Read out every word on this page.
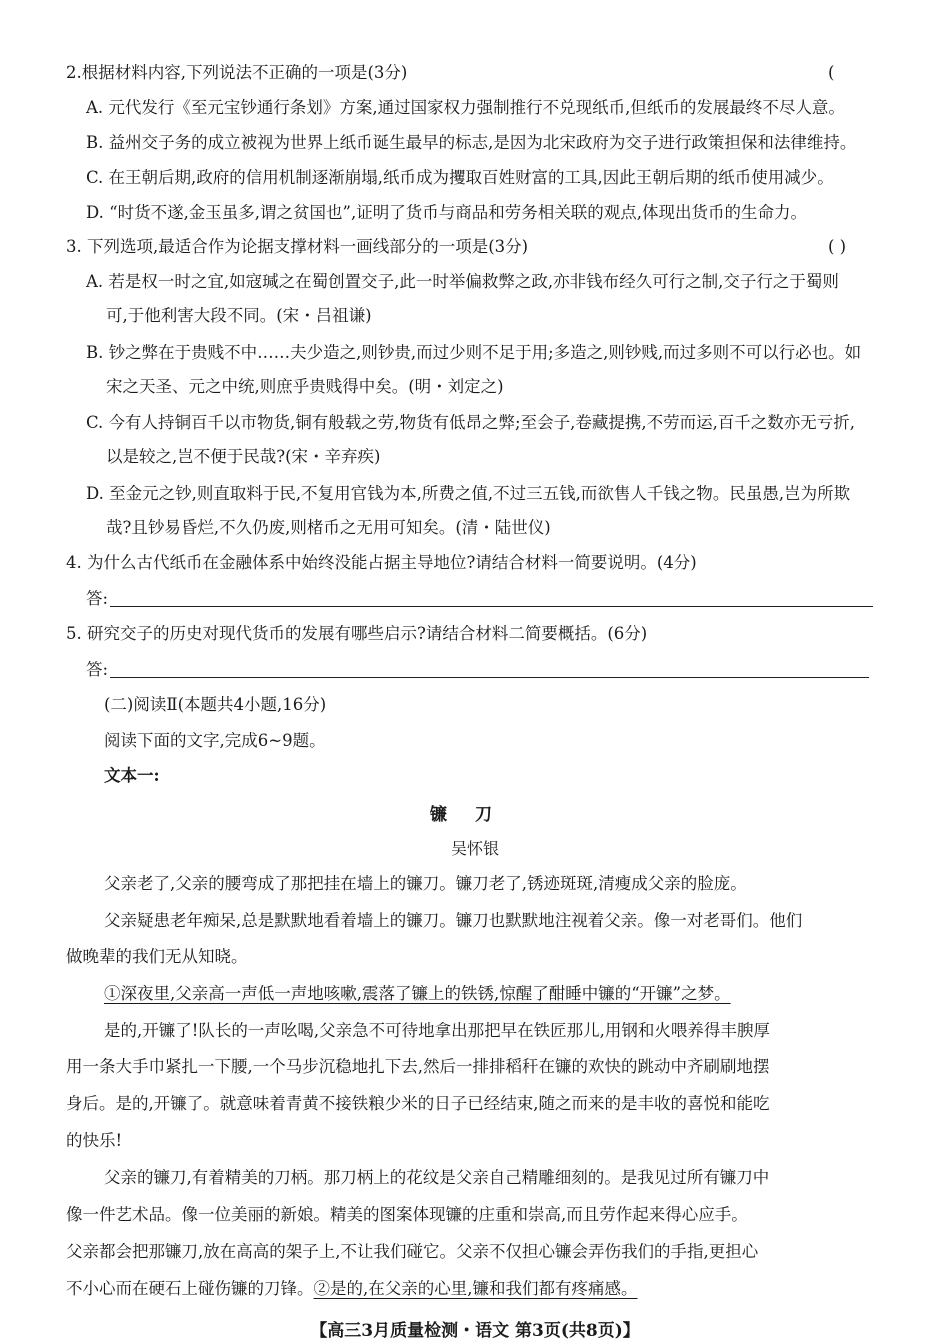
2.根据材料内容,下列说法不正确的一项是(3分)	(
A. 元代发行《至元宝钞通行条划》方案,通过国家权力强制推行不兑现纸币,但纸币的发展最终不尽人意。
B. 益州交子务的成立被视为世界上纸币诞生最早的标志,是因为北宋政府为交子进行政策担保和法律维持。
C. 在王朝后期,政府的信用机制逐渐崩塌,纸币成为攫取百姓财富的工具,因此王朝后期的纸币使用减少。
D. “时货不遂,金玉虽多,谓之贫国也”,证明了货币与商品和劳务相关联的观点,体现出货币的生命力。
3. 下列选项,最适合作为论据支撑材料一画线部分的一项是(3分)	( )
A. 若是权一时之宜,如寇瑊之在蜀创置交子,此一时举偏救弊之政,亦非钱布经久可行之制,交子行之于蜀则
可,于他利害大段不同。(宋・吕祖谦)
B. 钞之弊在于贵贱不中……夫少造之,则钞贵,而过少则不足于用;多造之,则钞贱,而过多则不可以行必也。如
宋之天圣、元之中统,则庶乎贵贱得中矣。(明・刘定之)
C. 今有人持铜百千以市物货,铜有般载之劳,物货有低昂之弊;至会子,卷藏提携,不劳而运,百千之数亦无亏折,
以是较之,岂不便于民哉?(宋・辛弃疾)
D. 至金元之钞,则直取料于民,不复用官钱为本,所费之值,不过三五钱,而欲售人千钱之物。民虽愚,岂为所欺
哉?且钞易昏烂,不久仍废,则楮币之无用可知矣。(清・陆世仪)
4. 为什么古代纸币在金融体系中始终没能占据主导地位?请结合材料一简要说明。(4分)
答:
5. 研究交子的历史对现代货币的发展有哪些启示?请结合材料二简要概括。(6分)
答:
(二)阅读Ⅱ(本题共4小题,16分)
阅读下面的文字,完成6~9题。
文本一:
镰刀
吴怀银
父亲老了,父亲的腰弯成了那把挂在墙上的镰刀。镰刀老了,锈迹斑斑,清瘦成父亲的脸庞。
父亲疑患老年痴呆,总是默默地看着墙上的镰刀。镰刀也默默地注视着父亲。像一对老哥们。他们
做晚辈的我们无从知晓。
①深夜里,父亲高一声低一声地咳嗽,震落了镰上的铁锈,惊醒了酣睡中镰的“开镰”之梦。
是的,开镰了!队长的一声吆喝,父亲急不可待地拿出那把早在铁匠那儿,用钢和火喂养得丰腴厚
用一条大手巾紧扎一下腰,一个马步沉稳地扎下去,然后一排排稻秆在镰的欢快的跳动中齐刷刷地摆
身后。是的,开镰了。就意味着青黄不接铁粮少米的日子已经结束,随之而来的是丰收的喜悦和能吃
的快乐!
父亲的镰刀,有着精美的刀柄。那刀柄上的花纹是父亲自己精雕细刻的。是我见过所有镰刀中
像一件艺术品。像一位美丽的新娘。精美的图案体现镰的庄重和崇高,而且劳作起来得心应手。
父亲都会把那镰刀,放在高高的架子上,不让我们碰它。父亲不仅担心镰会弄伤我们的手指,更担心
不小心而在硬石上碰伤镰的刀锋。②是的,在父亲的心里,镰和我们都有疼痛感。
【高三3月质量检测・语文 第3页(共8页)】
